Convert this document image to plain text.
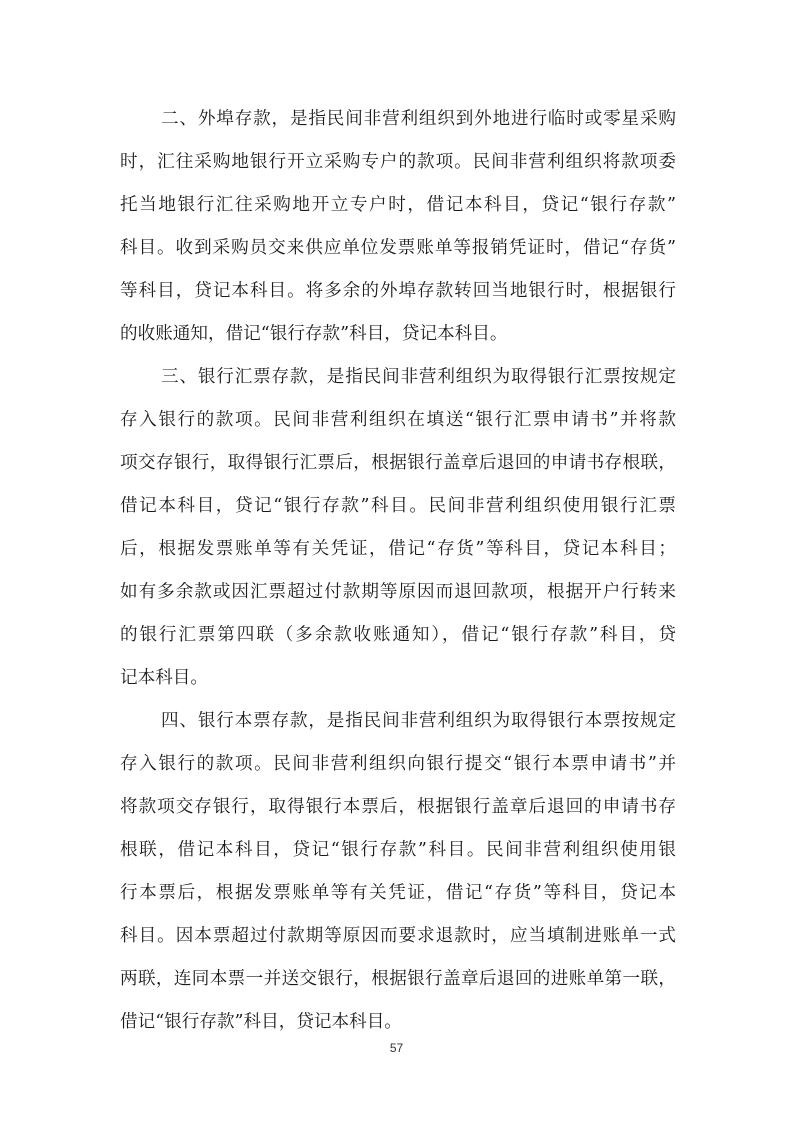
二、外埠存款，是指民间非营利组织到外地进行临时或零星采购
时，汇往采购地银行开立采购专户的款项。民间非营利组织将款项委
托当地银行汇往采购地开立专户时，借记本科目，贷记“银行存款”
科目。收到采购员交来供应单位发票账单等报销凭证时，借记“存货”
等科目，贷记本科目。将多余的外埠存款转回当地银行时，根据银行
的收账通知，借记“银行存款”科目，贷记本科目。
三、银行汇票存款，是指民间非营利组织为取得银行汇票按规定
存入银行的款项。民间非营利组织在填送“银行汇票申请书”并将款
项交存银行，取得银行汇票后，根据银行盖章后退回的申请书存根联，
借记本科目，贷记“银行存款”科目。民间非营利组织使用银行汇票
后，根据发票账单等有关凭证，借记“存货”等科目，贷记本科目；
如有多余款或因汇票超过付款期等原因而退回款项，根据开户行转来
的银行汇票第四联（多余款收账通知），借记“银行存款”科目，贷
记本科目。
四、银行本票存款，是指民间非营利组织为取得银行本票按规定
存入银行的款项。民间非营利组织向银行提交“银行本票申请书”并
将款项交存银行，取得银行本票后，根据银行盖章后退回的申请书存
根联，借记本科目，贷记“银行存款”科目。民间非营利组织使用银
行本票后，根据发票账单等有关凭证，借记“存货”等科目，贷记本
科目。因本票超过付款期等原因而要求退款时，应当填制进账单一式
两联，连同本票一并送交银行，根据银行盖章后退回的进账单第一联，
借记“银行存款”科目，贷记本科目。
57
